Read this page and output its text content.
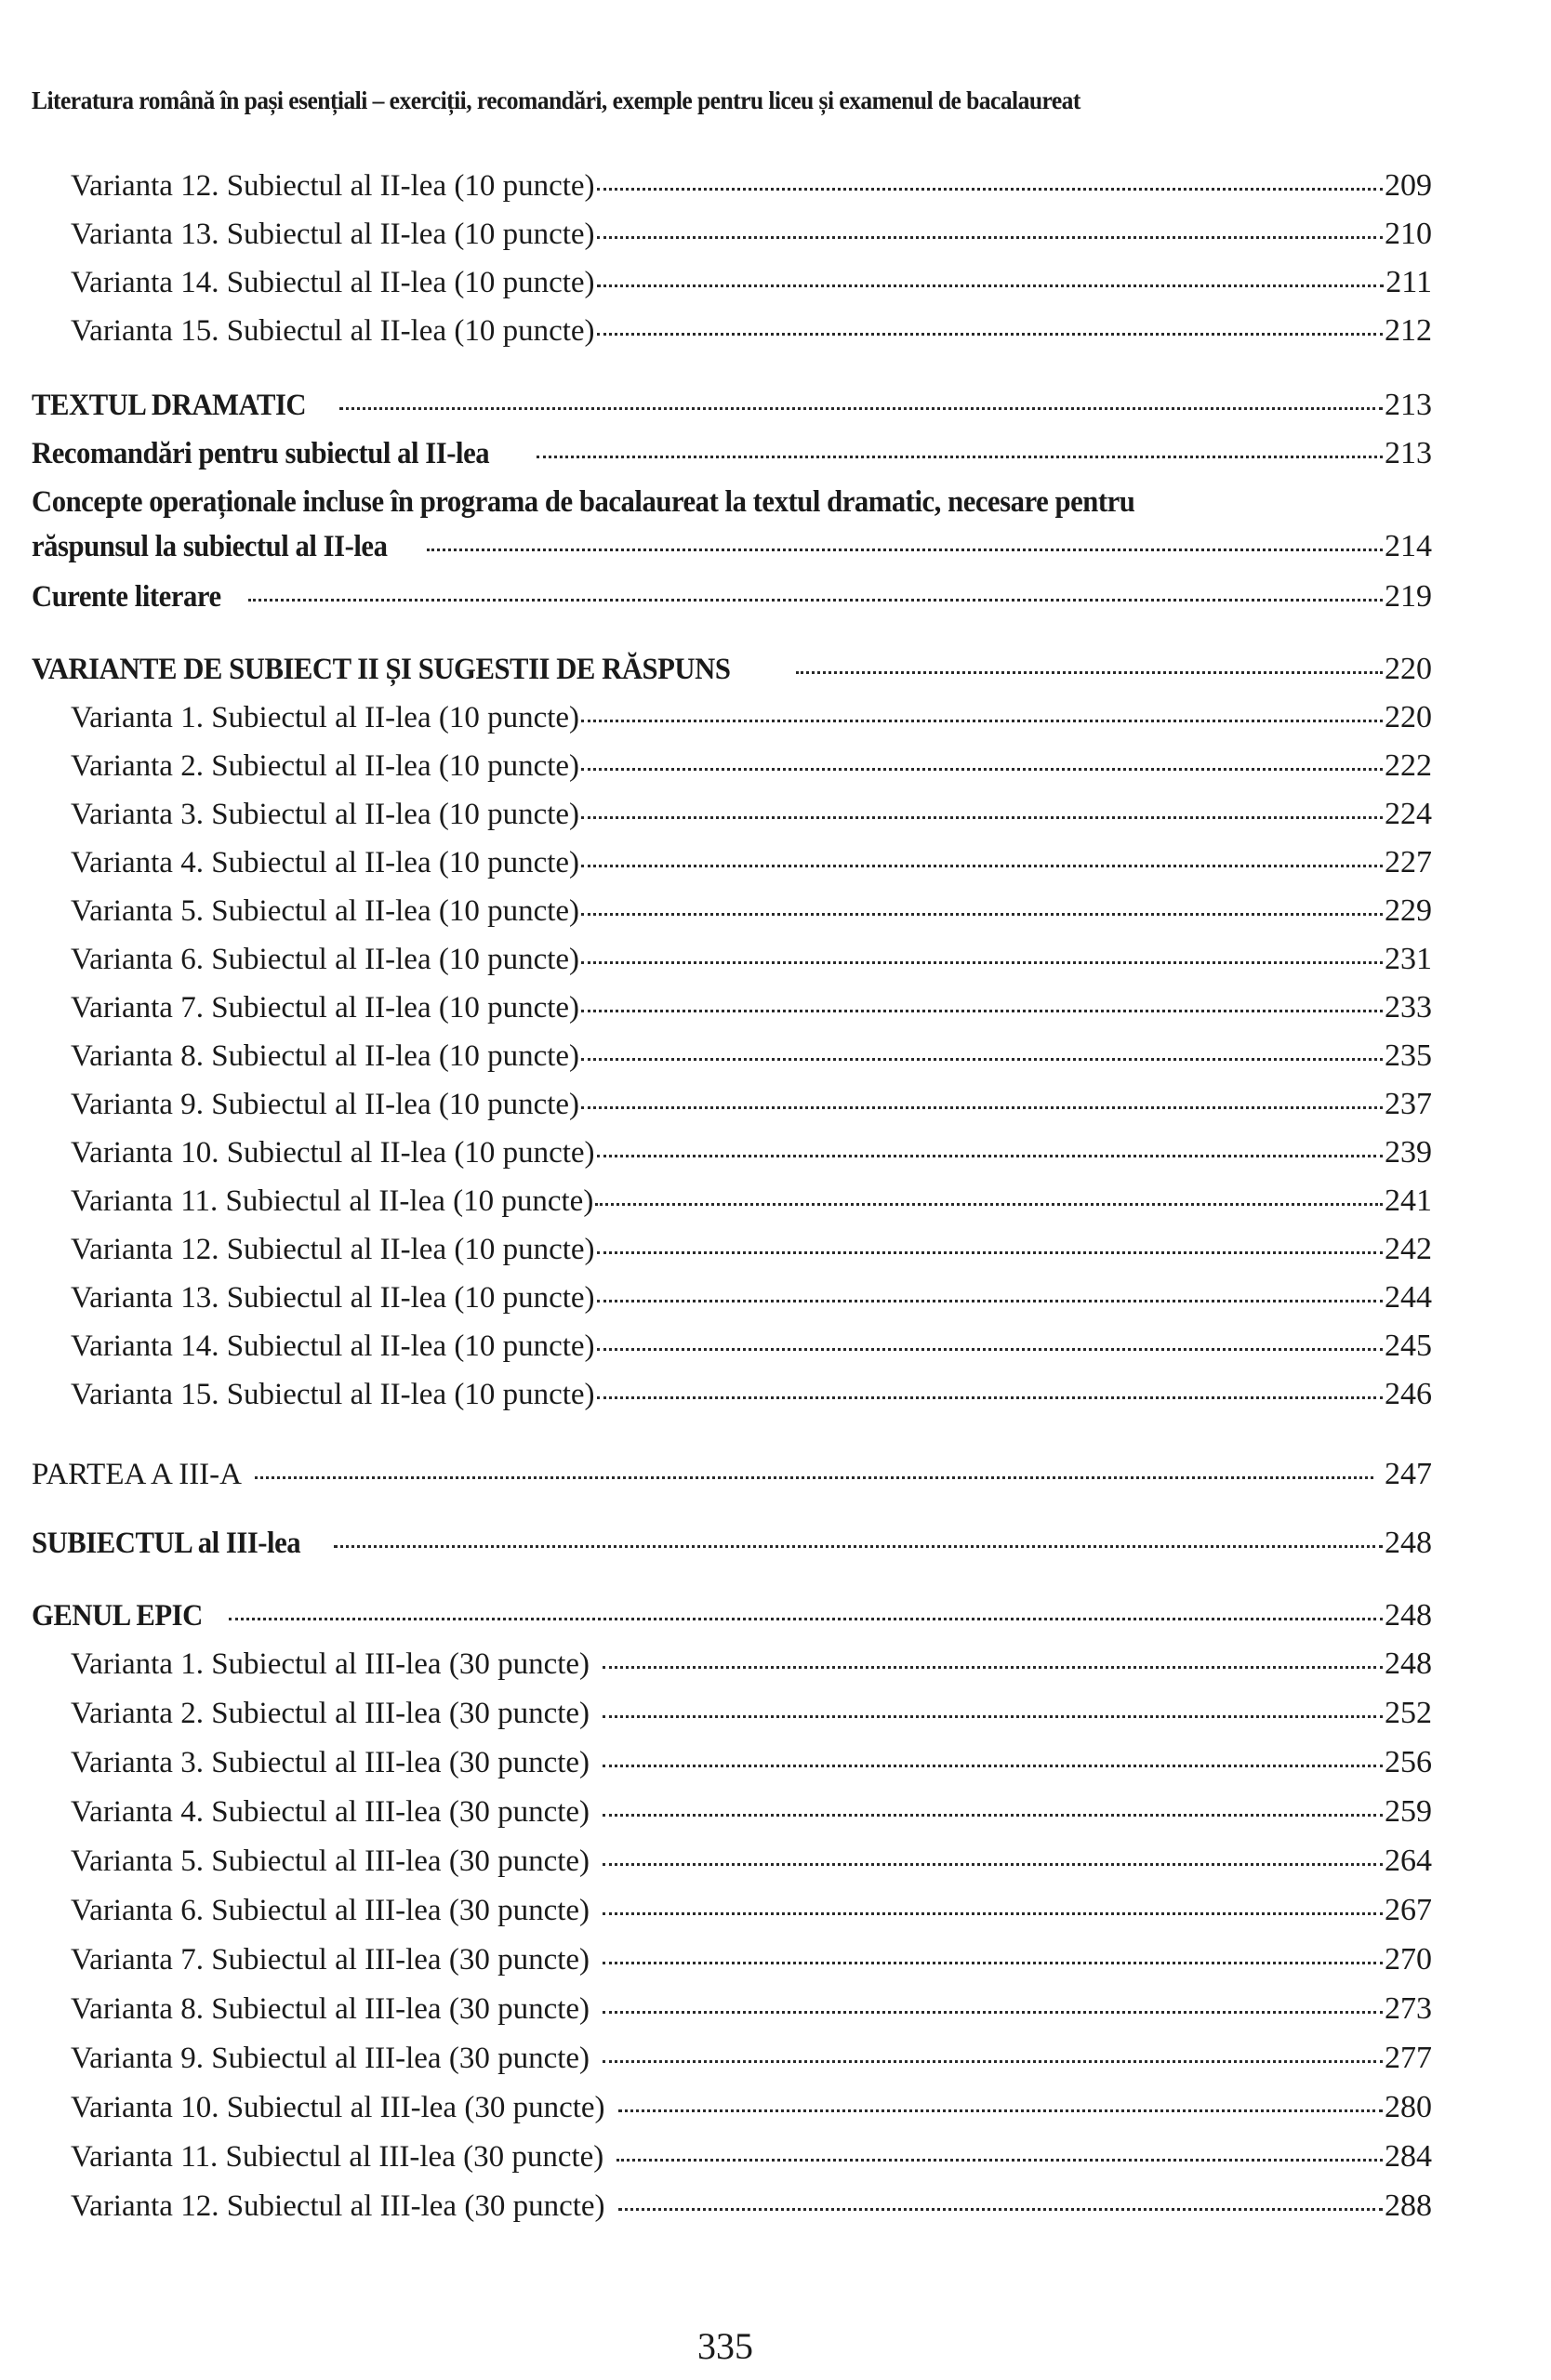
Literatura română în pași esențiali – exerciții, recomandări, exemple pentru liceu și examenul de bacalaureat
Varianta 12. Subiectul al II-lea (10 puncte)	209
Varianta 13. Subiectul al II-lea (10 puncte)	210
Varianta 14. Subiectul al II-lea (10 puncte)	211
Varianta 15. Subiectul al II-lea (10 puncte)	212
TEXTUL DRAMATIC	213
Recomandări pentru subiectul al II-lea	213
Concepte operaționale incluse în programa de bacalaureat la textul dramatic, necesare pentru
răspunsul la subiectul al II-lea	214
Curente literare	219
VARIANTE DE SUBIECT II ȘI SUGESTII DE RĂSPUNS	220
Varianta 1. Subiectul al II-lea (10 puncte)	220
Varianta 2. Subiectul al II-lea (10 puncte)	222
Varianta 3. Subiectul al II-lea (10 puncte)	224
Varianta 4. Subiectul al II-lea (10 puncte)	227
Varianta 5. Subiectul al II-lea (10 puncte)	229
Varianta 6. Subiectul al II-lea (10 puncte)	231
Varianta 7. Subiectul al II-lea (10 puncte)	233
Varianta 8. Subiectul al II-lea (10 puncte)	235
Varianta 9. Subiectul al II-lea (10 puncte)	237
Varianta 10. Subiectul al II-lea (10 puncte)	239
Varianta 11. Subiectul al II-lea (10 puncte)	241
Varianta 12. Subiectul al II-lea (10 puncte)	242
Varianta 13. Subiectul al II-lea (10 puncte)	244
Varianta 14. Subiectul al II-lea (10 puncte)	245
Varianta 15. Subiectul al II-lea (10 puncte)	246
PARTEA A III-A	247
SUBIECTUL al III-lea	248
GENUL EPIC	248
Varianta 1. Subiectul al III-lea (30 puncte)	248
Varianta 2. Subiectul al III-lea (30 puncte)	252
Varianta 3. Subiectul al III-lea (30 puncte)	256
Varianta 4. Subiectul al III-lea (30 puncte)	259
Varianta 5. Subiectul al III-lea (30 puncte)	264
Varianta 6. Subiectul al III-lea (30 puncte)	267
Varianta 7. Subiectul al III-lea (30 puncte)	270
Varianta 8. Subiectul al III-lea (30 puncte)	273
Varianta 9. Subiectul al III-lea (30 puncte)	277
Varianta 10. Subiectul al III-lea (30 puncte)	280
Varianta 11. Subiectul al III-lea (30 puncte)	284
Varianta 12. Subiectul al III-lea (30 puncte)	288
335
